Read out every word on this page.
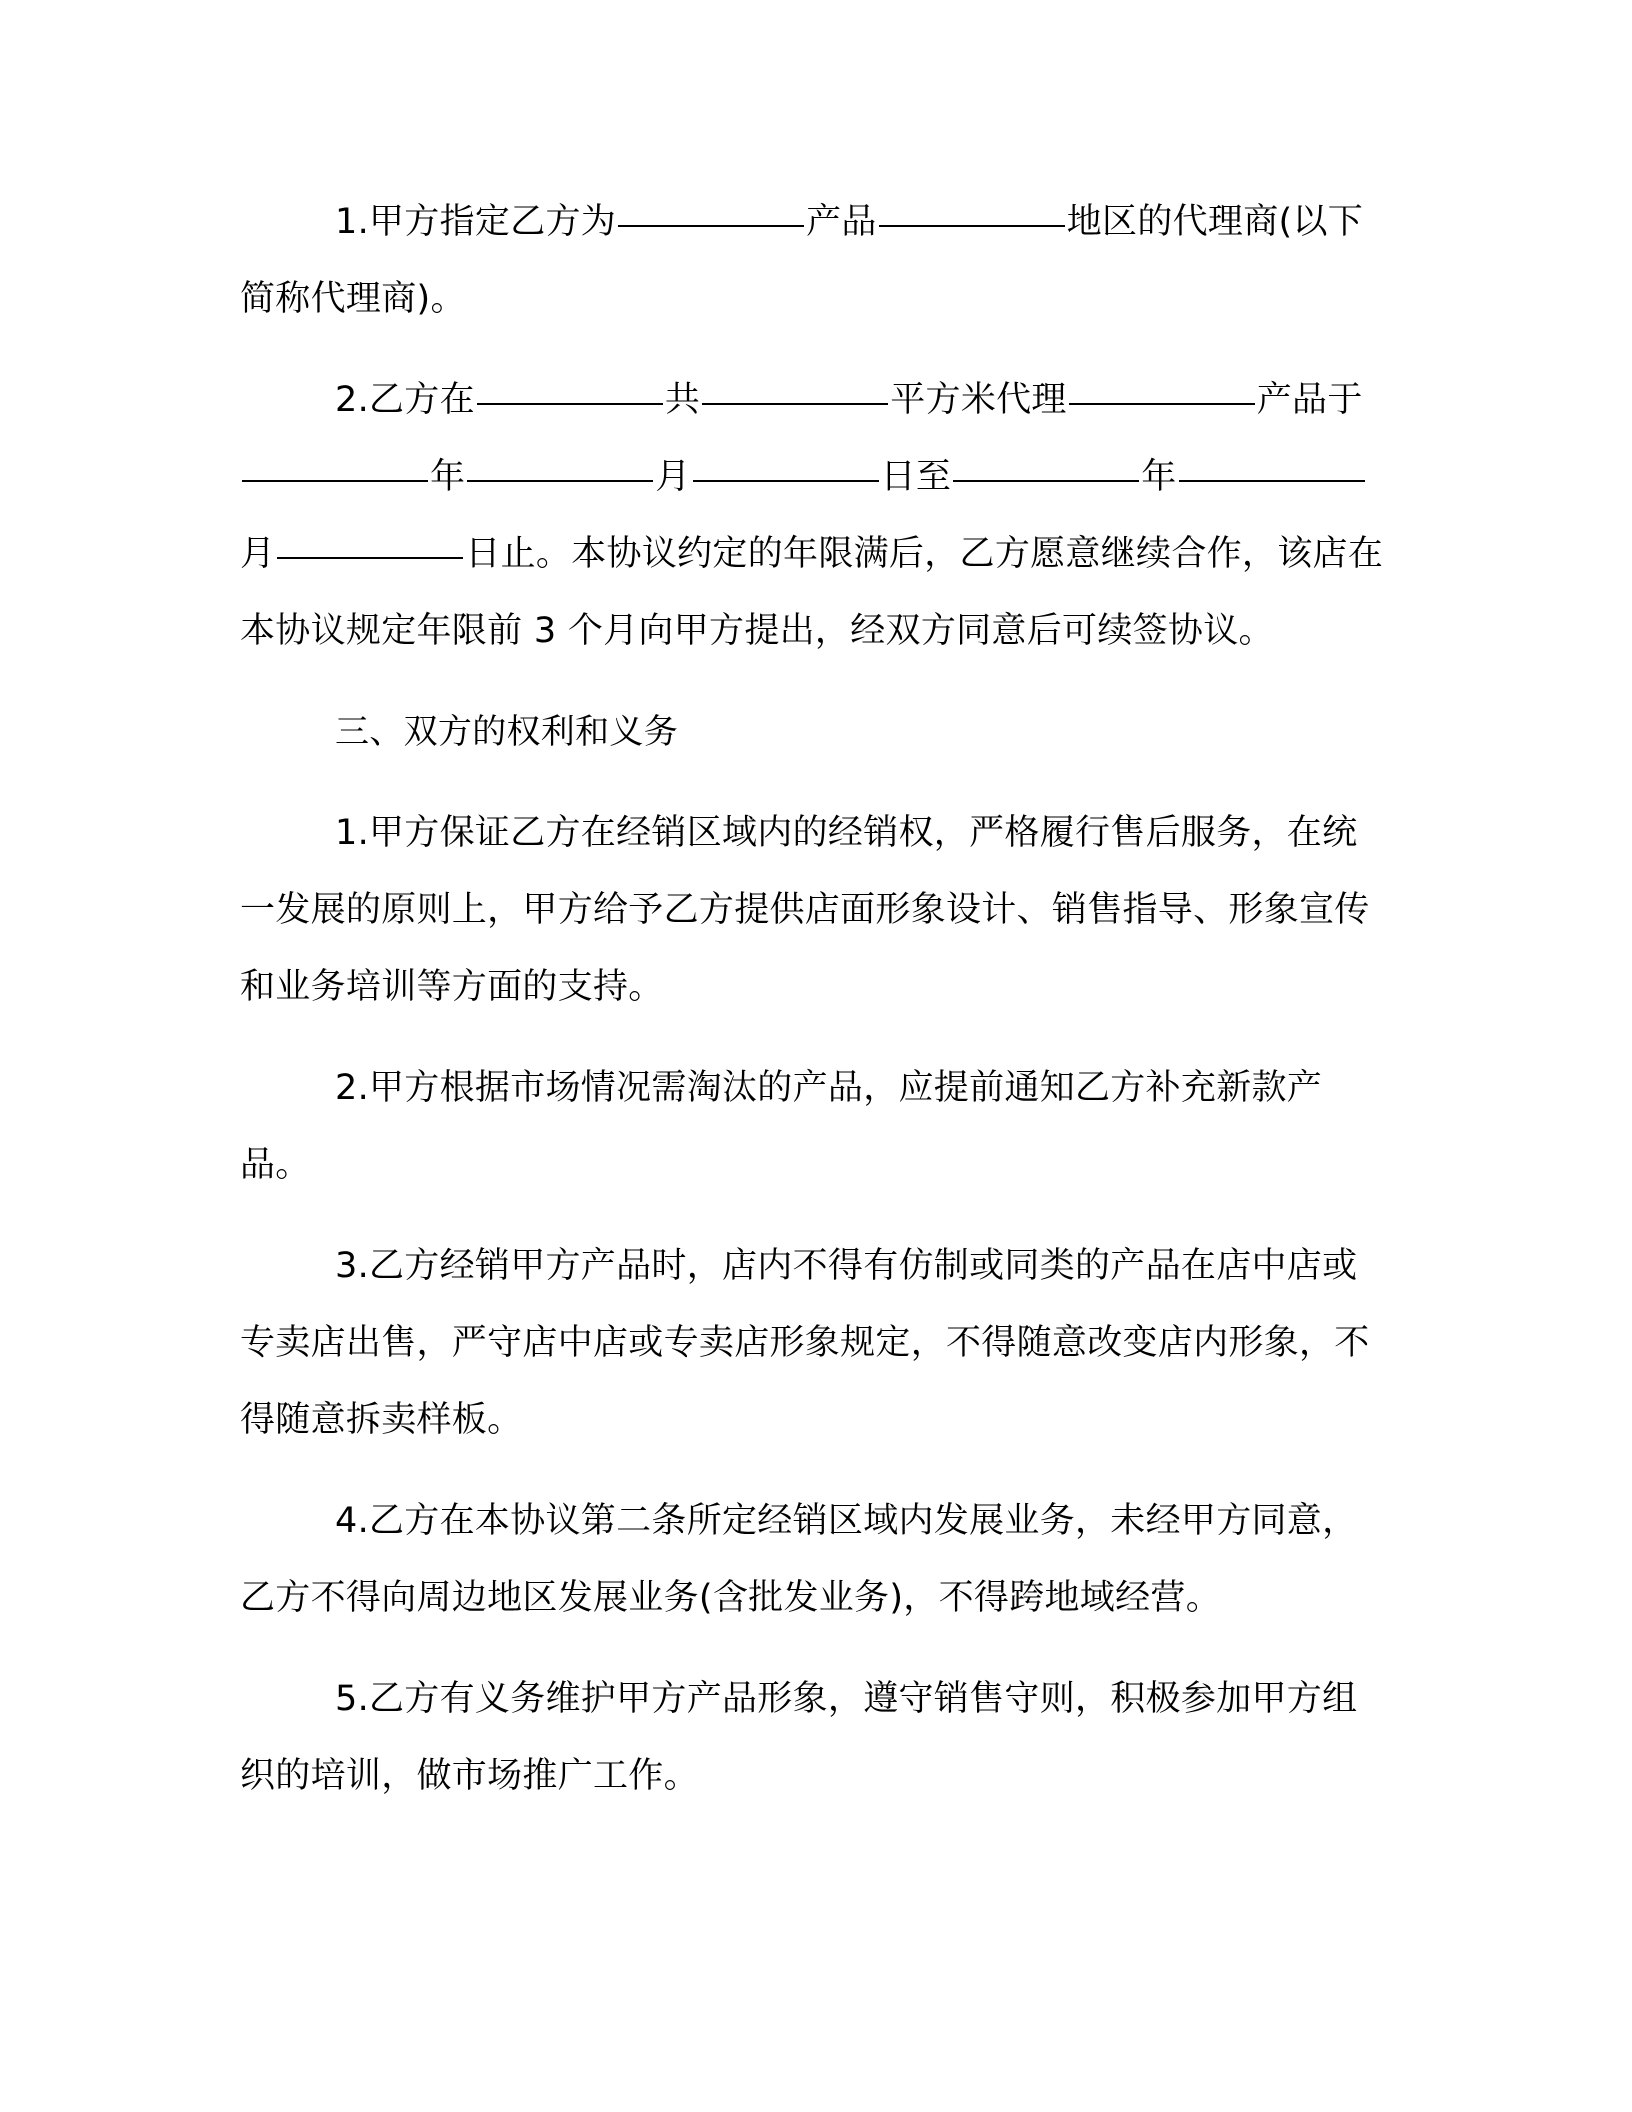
1.甲方指定乙方为	产品	地区的代理商(以下简称代理商)。

2.乙方在	共	平方米代理	产品于年	月	日至	年月	日止。本协议约定的年限满后，乙方愿意继续合作，该店在本协议规定年限前 3 个月向甲方提出，经双方同意后可续签协议。

三、双方的权利和义务

1.甲方保证乙方在经销区域内的经销权，严格履行售后服务，在统一发展的原则上，甲方给予乙方提供店面形象设计、销售指导、形象宣传和业务培训等方面的支持。

2.甲方根据市场情况需淘汰的产品，应提前通知乙方补充新款产品。

3.乙方经销甲方产品时，店内不得有仿制或同类的产品在店中店或专卖店出售，严守店中店或专卖店形象规定，不得随意改变店内形象，不得随意拆卖样板。

4.乙方在本协议第二条所定经销区域内发展业务，未经甲方同意，乙方不得向周边地区发展业务(含批发业务)，不得跨地域经营。

5.乙方有义务维护甲方产品形象，遵守销售守则，积极参加甲方组织的培训，做市场推广工作。
